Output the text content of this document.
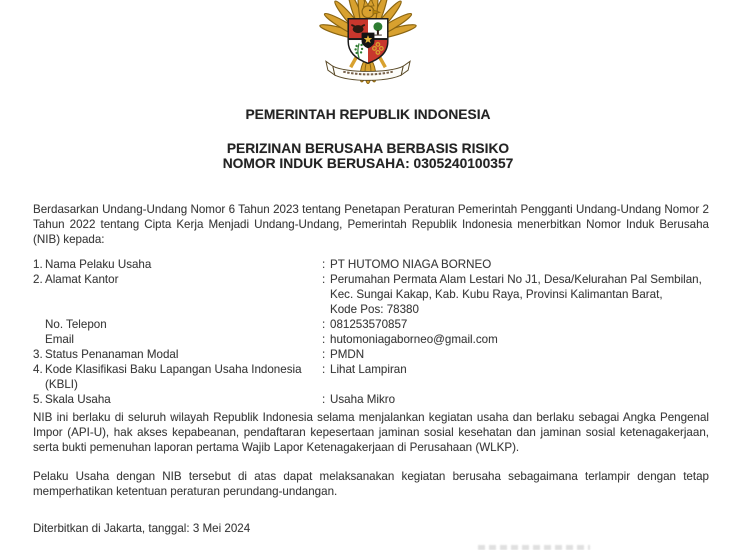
PEMERINTAH REPUBLIK INDONESIA
PERIZINAN BERUSAHA BERBASIS RISIKO
NOMOR INDUK BERUSAHA: 0305240100357
Berdasarkan Undang-Undang Nomor 6 Tahun 2023 tentang Penetapan Peraturan Pemerintah Pengganti Undang-Undang Nomor 2 Tahun 2022 tentang Cipta Kerja Menjadi Undang-Undang, Pemerintah Republik Indonesia menerbitkan Nomor Induk Berusaha (NIB) kepada:
1. Nama Pelaku Usaha	: PT HUTOMO NIAGA BORNEO
2. Alamat Kantor	: Perumahan Permata Alam Lestari No J1, Desa/Kelurahan Pal Sembilan,
Kec. Sungai Kakap, Kab. Kubu Raya, Provinsi Kalimantan Barat,
Kode Pos: 78380
No. Telepon	: 081253570857
Email	: hutomoniagaborneo@gmail.com
3. Status Penanaman Modal	: PMDN
4. Kode Klasifikasi Baku Lapangan Usaha Indonesia
(KBLI)
: Lihat Lampiran
5. Skala Usaha	: Usaha Mikro
NIB ini berlaku di seluruh wilayah Republik Indonesia selama menjalankan kegiatan usaha dan berlaku sebagai Angka Pengenal Impor (API-U), hak akses kepabeanan, pendaftaran kepesertaan jaminan sosial kesehatan dan jaminan sosial ketenagakerjaan, serta bukti pemenuhan laporan pertama Wajib Lapor Ketenagakerjaan di Perusahaan (WLKP).
Pelaku Usaha dengan NIB tersebut di atas dapat melaksanakan kegiatan berusaha sebagaimana terlampir dengan tetap memperhatikan ketentuan peraturan perundang-undangan.
Diterbitkan di Jakarta, tanggal: 3 Mei 2024
